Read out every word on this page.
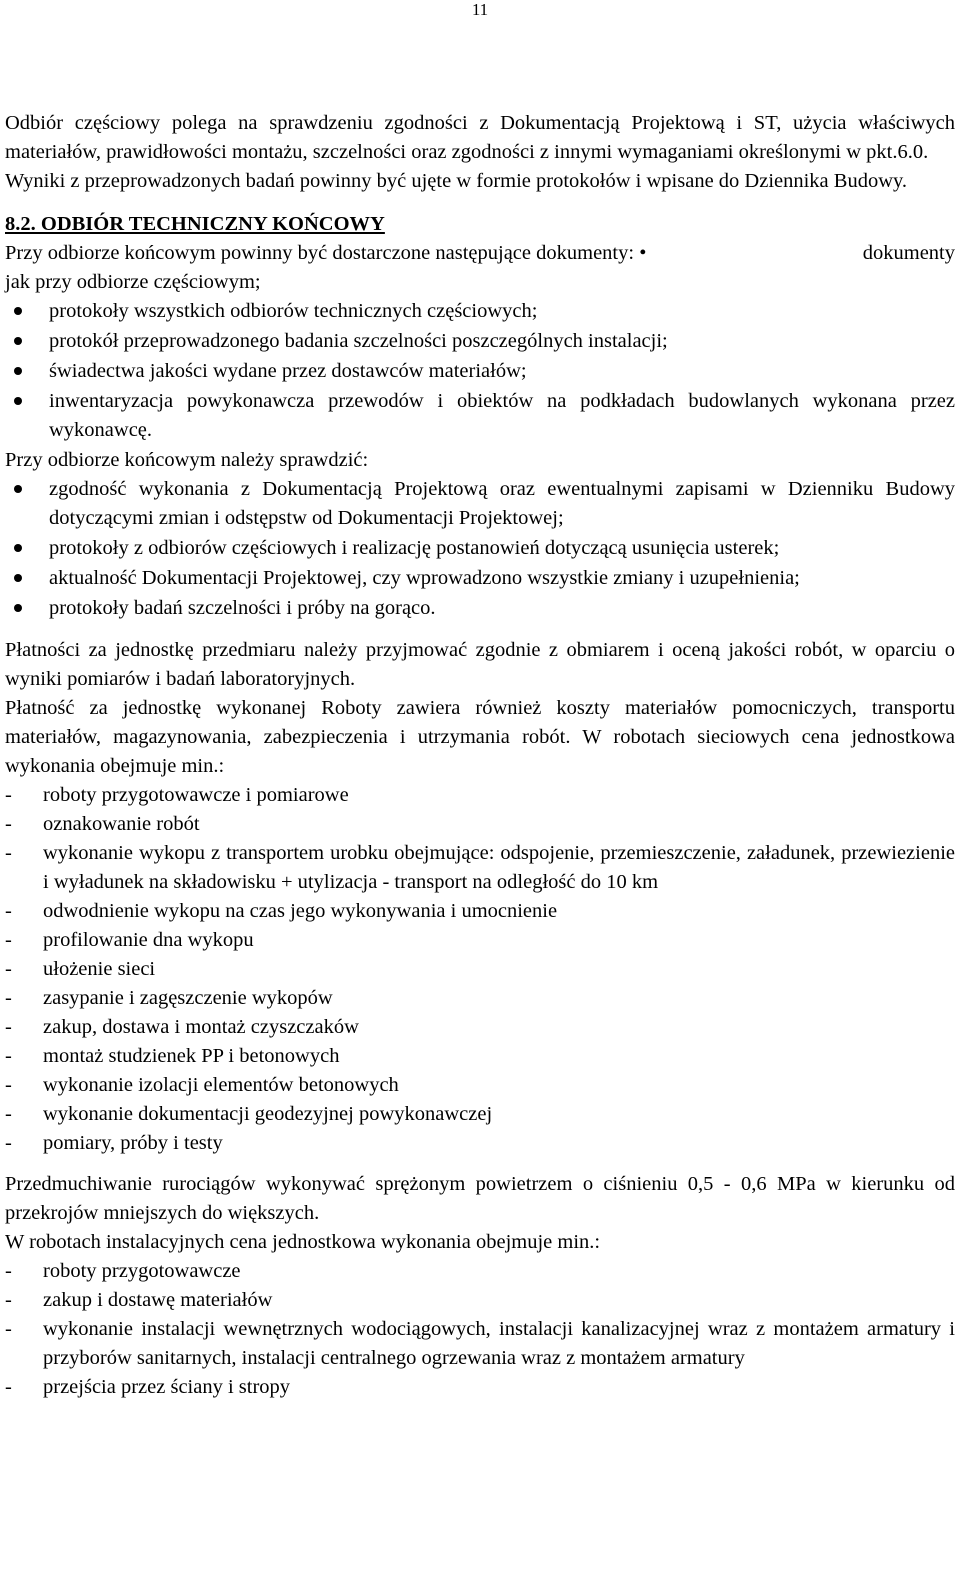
11

Odbiór częściowy polega na sprawdzeniu zgodności z Dokumentacją Projektową i ST, użycia właściwych materiałów, prawidłowości montażu, szczelności oraz zgodności z innymi wymaganiami określonymi w pkt.6.0.

Wyniki z przeprowadzonych badań powinny być ujęte w formie protokołów i wpisane do Dziennika Budowy.

8.2. ODBIÓR TECHNICZNY KOŃCOWY

Przy odbiorze końcowym powinny być dostarczone następujące dokumenty: •	dokumenty

jak przy odbiorze częściowym;

protokoły wszystkich odbiorów technicznych częściowych;
protokół przeprowadzonego badania szczelności poszczególnych instalacji;
świadectwa jakości wydane przez dostawców materiałów;
inwentaryzacja powykonawcza przewodów i obiektów na podkładach budowlanych wykonana przez wykonawcę.

Przy odbiorze końcowym należy sprawdzić:

zgodność wykonania z Dokumentacją Projektową oraz ewentualnymi zapisami w Dzienniku Budowy dotyczącymi zmian i odstępstw od Dokumentacji Projektowej;
protokoły z odbiorów częściowych i realizację postanowień dotyczącą usunięcia usterek;
aktualność Dokumentacji Projektowej, czy wprowadzono wszystkie zmiany i uzupełnienia;
protokoły badań szczelności i próby na gorąco.

Płatności za jednostkę przedmiaru należy przyjmować zgodnie z obmiarem i oceną jakości robót, w oparciu o wyniki pomiarów i badań laboratoryjnych.

Płatność za jednostkę wykonanej Roboty zawiera również koszty materiałów pomocniczych, transportu materiałów, magazynowania, zabezpieczenia i utrzymania robót. W robotach sieciowych cena jednostkowa wykonania obejmuje min.:

- roboty przygotowawcze i pomiarowe
- oznakowanie robót
- wykonanie wykopu z transportem urobku obejmujące: odspojenie, przemieszczenie, załadunek, przewiezienie i wyładunek na składowisku + utylizacja - transport na odległość do 10 km
- odwodnienie wykopu na czas jego wykonywania i umocnienie
- profilowanie dna wykopu
- ułożenie sieci
- zasypanie i zagęszczenie wykopów
- zakup, dostawa i montaż czyszczaków
- montaż studzienek PP i betonowych
- wykonanie izolacji elementów betonowych
- wykonanie dokumentacji geodezyjnej powykonawczej
- pomiary, próby i testy

Przedmuchiwanie rurociągów wykonywać sprężonym powietrzem o ciśnieniu 0,5 - 0,6 MPa w kierunku od przekrojów mniejszych do większych.

W robotach instalacyjnych cena jednostkowa wykonania obejmuje min.:

- roboty przygotowawcze
- zakup i dostawę materiałów
- wykonanie instalacji wewnętrznych wodociągowych, instalacji kanalizacyjnej wraz z montażem armatury i przyborów sanitarnych, instalacji centralnego ogrzewania wraz z montażem armatury
- przejścia przez ściany i stropy
